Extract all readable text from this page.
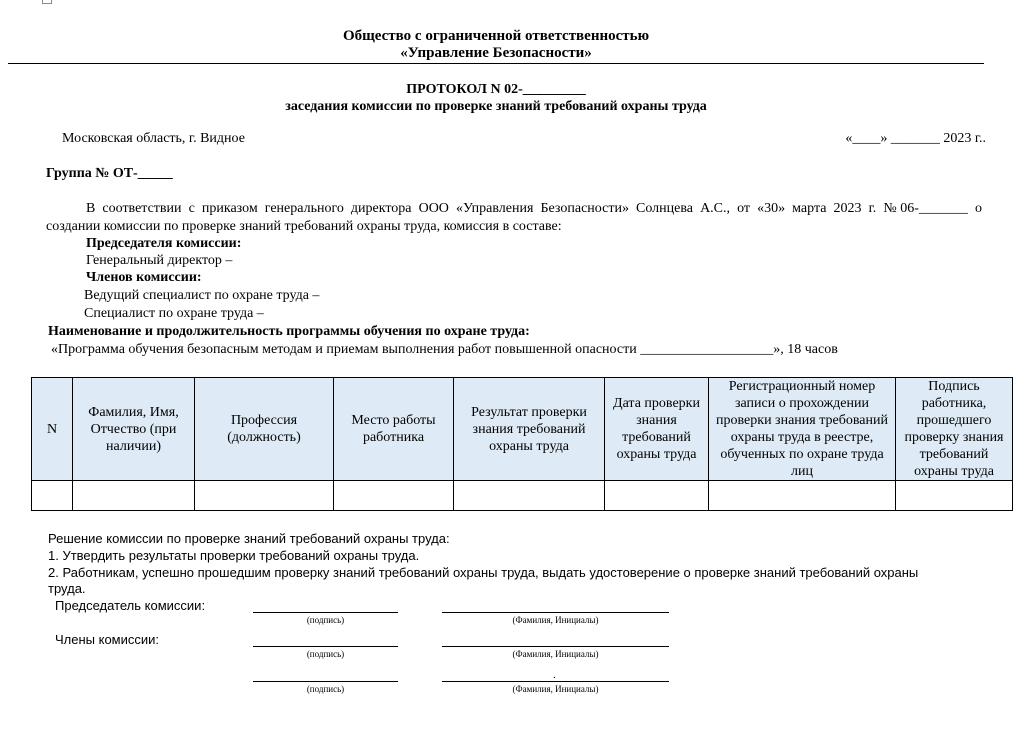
Общество с ограниченной ответственностью
«Управление Безопасности»
ПРОТОКОЛ N 02-_________
заседания комиссии по проверке знаний требований охраны труда
Московская область, г. Видное	«____» _______ 2023 г..
Группа № ОТ-_____
В соответствии с приказом генерального директора ООО «Управления Безопасности» Солнцева А.С., от «30» марта 2023 г. №06-_______ о
создании комиссии по проверке знаний требований охраны труда, комиссия в составе:
Председателя комиссии:
Генеральный директор –
Членов комиссии:
Ведущий специалист по охране труда –
Специалист по охране труда –
Наименование и продолжительность программы обучения по охране труда:
«Программа обучения безопасным методам и приемам выполнения работ повышенной опасности ___________________», 18 часов
N	Фамилия, Имя, Отчество (при наличии)	Профессия (должность)	Место работы работника	Результат проверки знания требований охраны труда	Дата проверки знания требований охраны труда	Регистрационный номер записи о прохождении проверки знания требований охраны труда в реестре, обученных по охране труда лиц	Подпись работника, прошедшего проверку знания требований охраны труда

Решение комиссии по проверке знаний требований охраны труда:
1. Утвердить результаты проверки требований охраны труда.
2. Работникам, успешно прошедшим проверку знаний требований охраны труда, выдать удостоверение о проверке знаний требований охраны
труда.
Председатель комиссии:
(подпись)	(Фамилия, Инициалы)
Члены комиссии:
(подпись)	(Фамилия, Инициалы)
.
(подпись)	(Фамилия, Инициалы)
